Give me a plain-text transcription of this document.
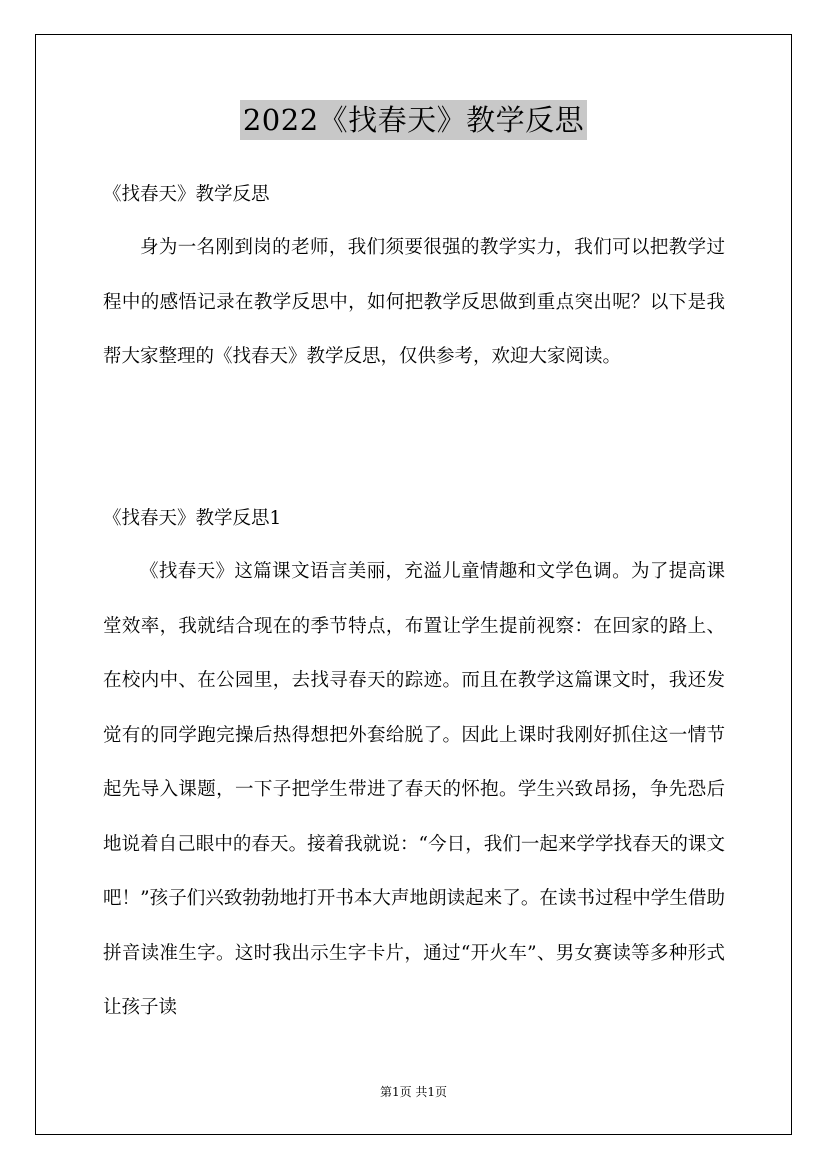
2022《找春天》教学反思
《找春天》教学反思
身为一名刚到岗的老师，我们须要很强的教学实力，我们可以把教学过程中的感悟记录在教学反思中，如何把教学反思做到重点突出呢？以下是我帮大家整理的《找春天》教学反思，仅供参考，欢迎大家阅读。
《找春天》教学反思1
《找春天》这篇课文语言美丽，充溢儿童情趣和文学色调。为了提高课堂效率，我就结合现在的季节特点，布置让学生提前视察：在回家的路上、在校内中、在公园里，去找寻春天的踪迹。而且在教学这篇课文时，我还发觉有的同学跑完操后热得想把外套给脱了。因此上课时我刚好抓住这一情节起先导入课题，一下子把学生带进了春天的怀抱。学生兴致昂扬，争先恐后地说着自己眼中的春天。接着我就说：“今日，我们一起来学学找春天的课文吧！”孩子们兴致勃勃地打开书本大声地朗读起来了。在读书过程中学生借助拼音读准生字。这时我出示生字卡片，通过“开火车”、男女赛读等多种形式让孩子读
第1页 共1页
